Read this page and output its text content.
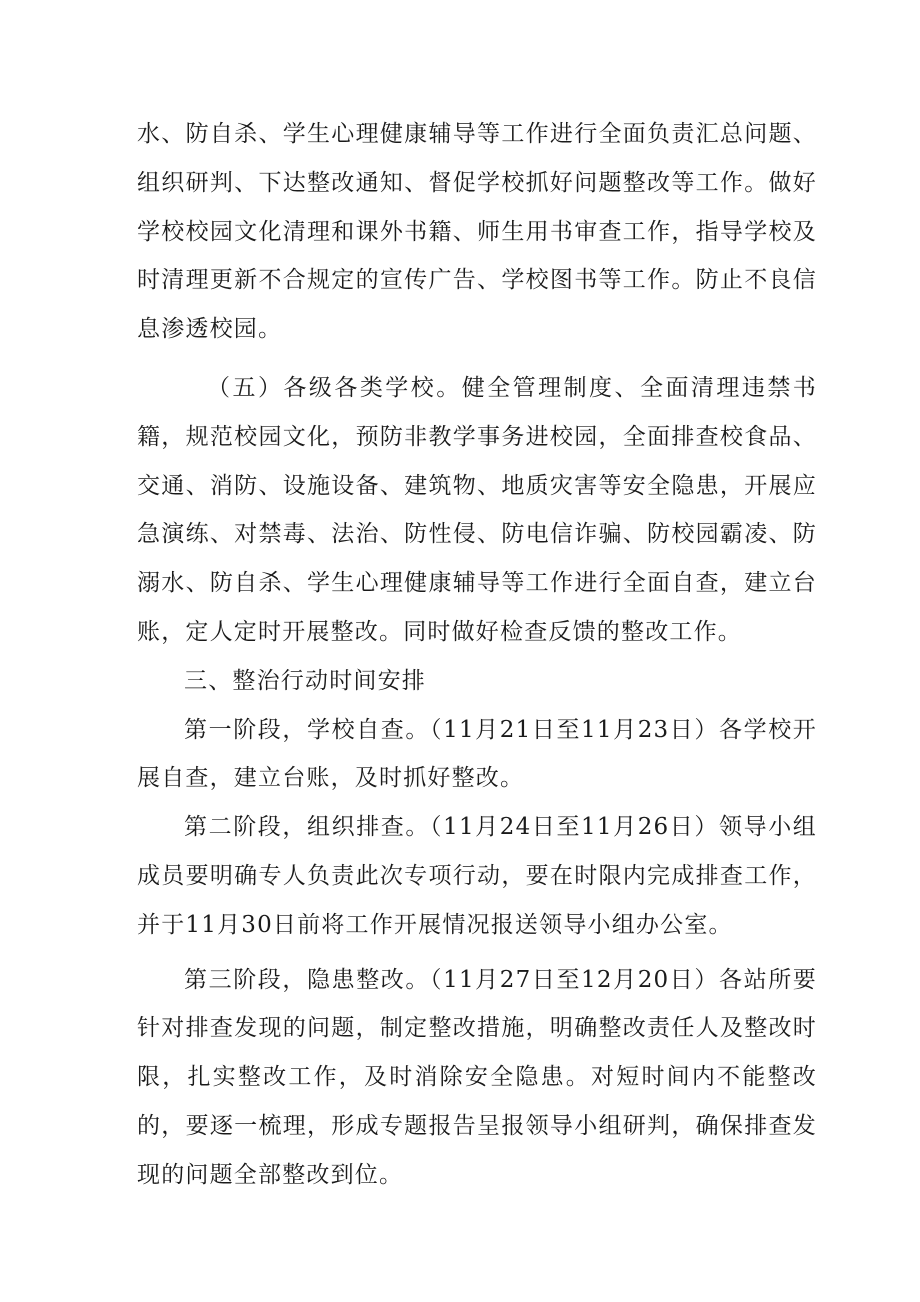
水、防自杀、学生心理健康辅导等工作进行全面负责汇总问题、组织研判、下达整改通知、督促学校抓好问题整改等工作。做好学校校园文化清理和课外书籍、师生用书审查工作，指导学校及时清理更新不合规定的宣传广告、学校图书等工作。防止不良信息渗透校园。

（五）各级各类学校。健全管理制度、全面清理违禁书籍，规范校园文化，预防非教学事务进校园，全面排查校食品、交通、消防、设施设备、建筑物、地质灾害等安全隐患，开展应急演练、对禁毒、法治、防性侵、防电信诈骗、防校园霸凌、防溺水、防自杀、学生心理健康辅导等工作进行全面自查，建立台账，定人定时开展整改。同时做好检查反馈的整改工作。

三、整治行动时间安排

第一阶段，学校自查。（11月21日至11月23日）各学校开展自查，建立台账，及时抓好整改。

第二阶段，组织排查。（11月24日至11月26日）领导小组成员要明确专人负责此次专项行动，要在时限内完成排查工作，并于11月30日前将工作开展情况报送领导小组办公室。

第三阶段，隐患整改。（11月27日至12月20日）各站所要针对排查发现的问题，制定整改措施，明确整改责任人及整改时限，扎实整改工作，及时消除安全隐患。对短时间内不能整改的，要逐一梳理，形成专题报告呈报领导小组研判，确保排查发现的问题全部整改到位。
